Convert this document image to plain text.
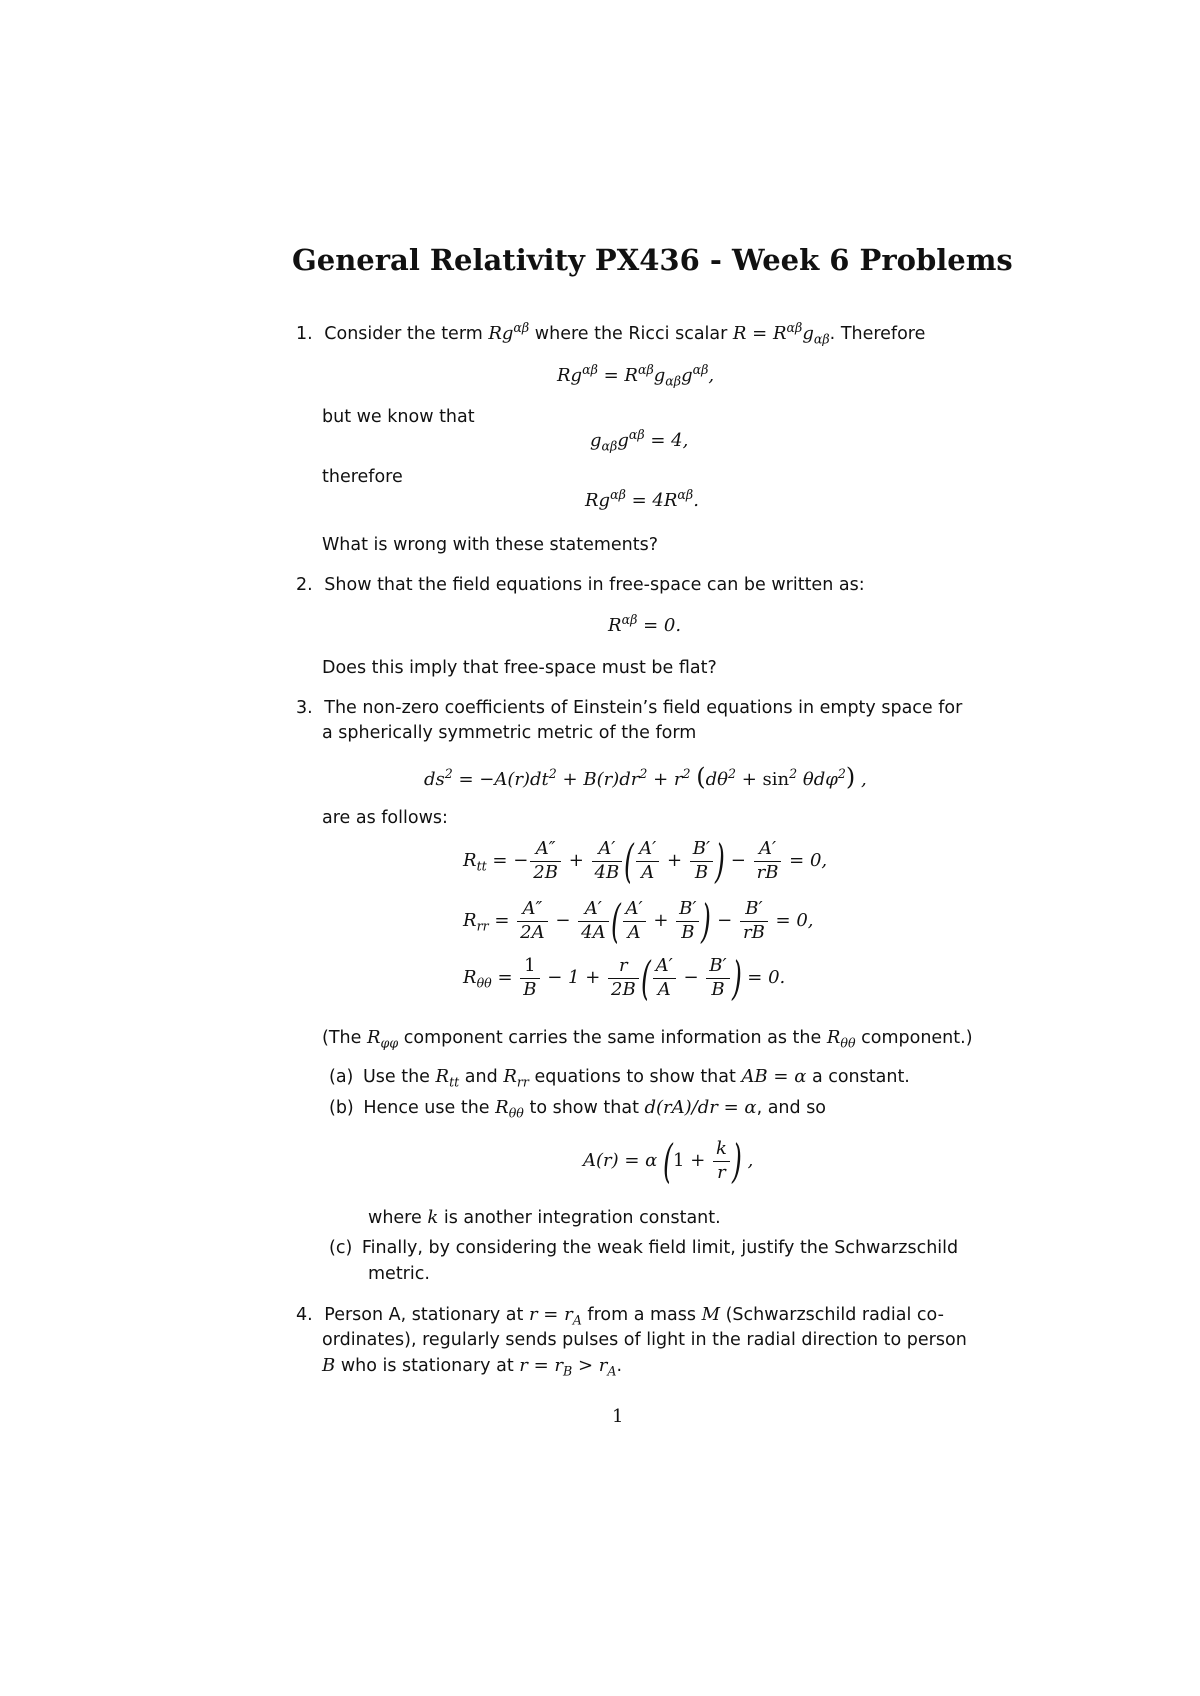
General Relativity PX436 - Week 6 Problems
1. Consider the term $Rg^{\alpha\beta}$ where the Ricci scalar $R = R^{\alpha\beta}g_{\alpha\beta}$. Therefore
$Rg^{\alpha\beta} = R^{\alpha\beta}g_{\alpha\beta}g^{\alpha\beta}$,
but we know that
$g_{\alpha\beta}g^{\alpha\beta} = 4$,
therefore
$Rg^{\alpha\beta} = 4R^{\alpha\beta}$.
What is wrong with these statements?
2. Show that the field equations in free-space can be written as:
$R^{\alpha\beta} = 0$.
Does this imply that free-space must be flat?
3. The non-zero coefficients of Einstein’s field equations in empty space for
a spherically symmetric metric of the form
$ds^2 = -A(r)dt^2 + B(r)dr^2 + r^2$ $(d\theta^2 + \sin^2 \theta d\varphi^2)$ ,
are as follows:
$R_{tt}$ = − $\frac{A''}{2B} + \frac{A'}{4B}$ ( $\frac{A'}{A} + \frac{B'}{B}$ ) − $\frac{A'}{rB} = 0$,
$R_{rr} = \frac{A''}{2A} - \frac{A'}{4A}$ ( $\frac{A'}{A} + \frac{B'}{B}$ ) − $\frac{B'}{rB} = 0$,
$R_{\theta\theta} = \frac{1}{B} - 1 + \frac{r}{2B}$ ( $\frac{A'}{A} - \frac{B'}{B}$ ) = 0.
(The $R_{\varphi\varphi}$ component carries the same information as the $R_{\theta\theta}$ component.)
(a) Use the $R_{tt}$ and $R_{rr}$ equations to show that AB = α a constant.
(b) Hence use the $R_{\theta\theta}$ to show that d(rA)/dr = α, and so
A(r) = α ($1 + \frac{k}{r}$ ) ,
where k is another integration constant.
(c) Finally, by considering the weak field limit, justify the Schwarzschild
metric.
4. Person A, stationary at $r = r_A$ from a mass M (Schwarzschild radial co-
ordinates), regularly sends pulses of light in the radial direction to person
B who is stationary at $r = r_B > r_A$.
1
